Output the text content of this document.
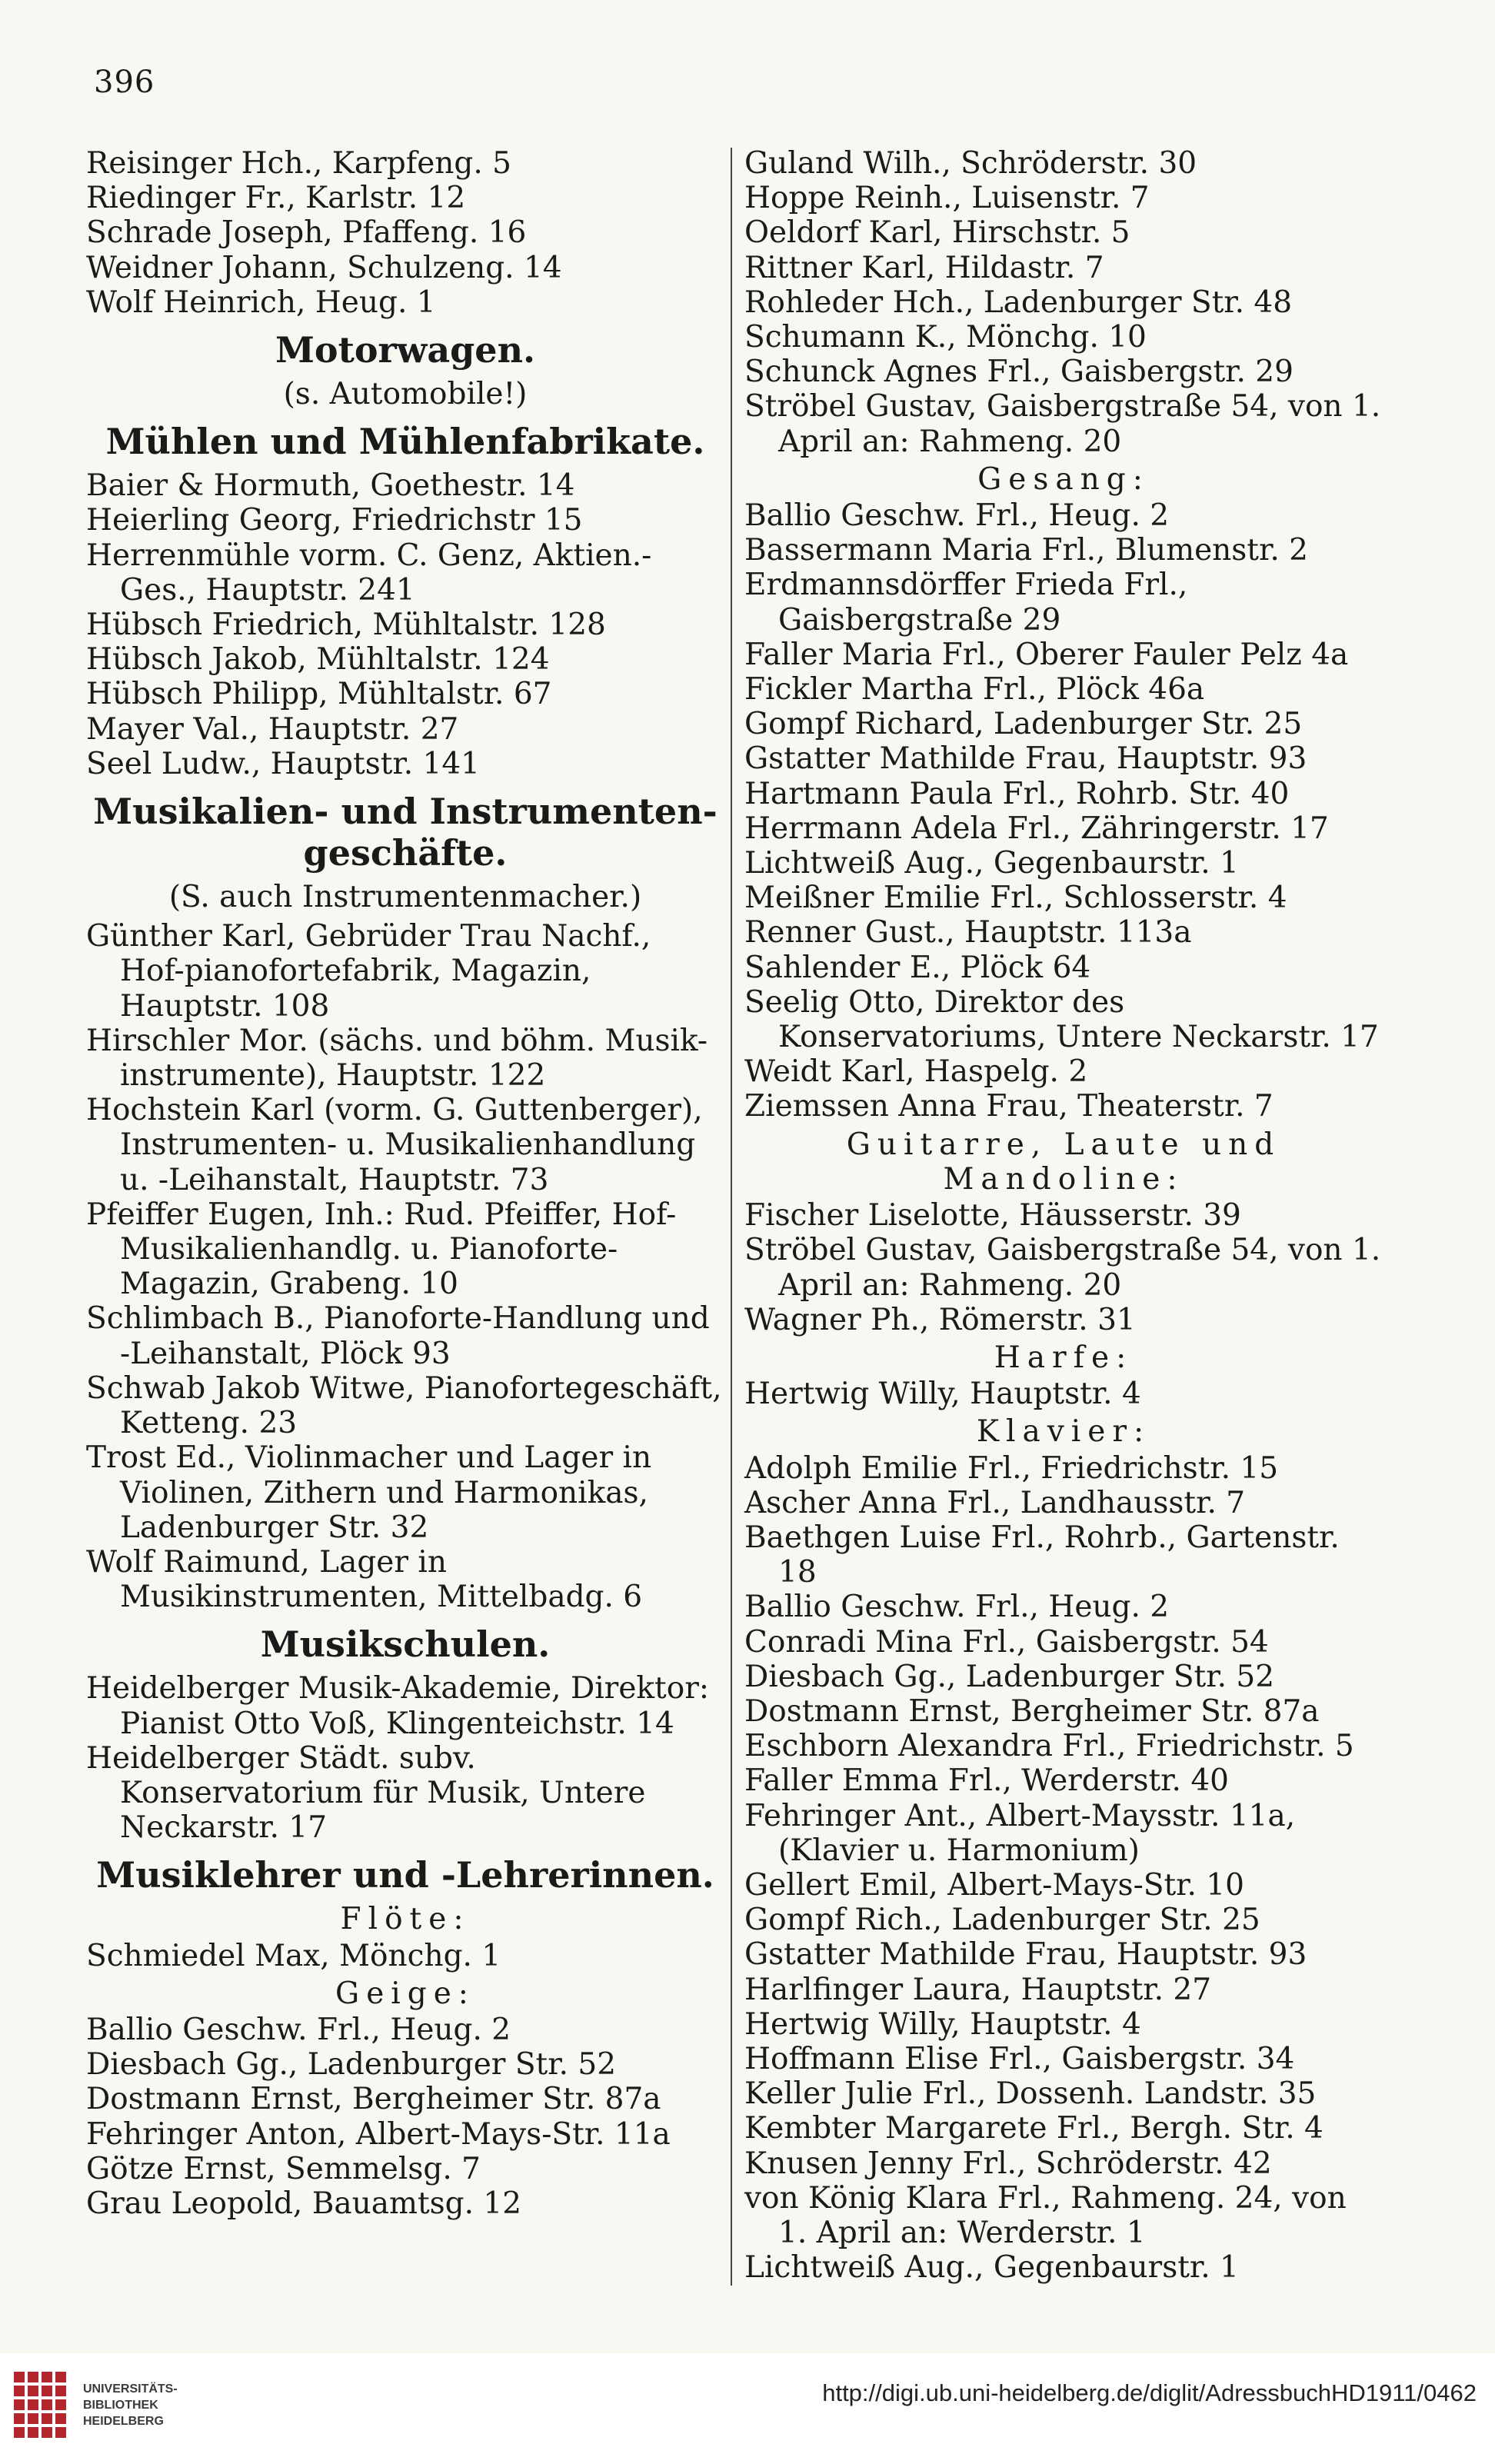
396

Reisinger Hch., Karpfeng. 5

Riedinger Fr., Karlstr. 12

Schrade Joseph, Pfaffeng. 16

Weidner Johann, Schulzeng. 14

Wolf Heinrich, Heug. 1

Motorwagen.

(s. Automobile!)

Mühlen und Mühlenfabrikate.

Baier & Hormuth, Goethestr. 14

Heierling Georg, Friedrichstr 15

Herrenmühle vorm. C. Genz, Aktien.-Ges., Hauptstr. 241

Hübsch Friedrich, Mühltalstr. 128

Hübsch Jakob, Mühltalstr. 124

Hübsch Philipp, Mühltalstr. 67

Mayer Val., Hauptstr. 27

Seel Ludw., Hauptstr. 141

Musikalien- und Instrumenten-geschäfte.

(S. auch Instrumentenmacher.)

Günther Karl, Gebrüder Trau Nachf., Hof-pianofortefabrik, Magazin, Hauptstr. 108

Hirschler Mor. (sächs. und böhm. Musik-instrumente), Hauptstr. 122

Hochstein Karl (vorm. G. Guttenberger), Instrumenten- u. Musikalienhandlung u. -Leihanstalt, Hauptstr. 73

Pfeiffer Eugen, Inh.: Rud. Pfeiffer, Hof-Musikalienhandlg. u. Pianoforte-Magazin, Grabeng. 10

Schlimbach B., Pianoforte-Handlung und -Leihanstalt, Plöck 93

Schwab Jakob Witwe, Pianofortegeschäft, Ketteng. 23

Trost Ed., Violinmacher und Lager in Violinen, Zithern und Harmonikas, Ladenburger Str. 32

Wolf Raimund, Lager in Musikinstrumenten, Mittelbadg. 6

Musikschulen.

Heidelberger Musik-Akademie, Direktor: Pianist Otto Voß, Klingenteichstr. 14

Heidelberger Städt. subv. Konservatorium für Musik, Untere Neckarstr. 17

Musiklehrer und -Lehrerinnen.

Flöte:

Schmiedel Max, Mönchg. 1

Geige:

Ballio Geschw. Frl., Heug. 2

Diesbach Gg., Ladenburger Str. 52

Dostmann Ernst, Bergheimer Str. 87a

Fehringer Anton, Albert-Mays-Str. 11a

Götze Ernst, Semmelsg. 7

Grau Leopold, Bauamtsg. 12

Guland Wilh., Schröderstr. 30

Hoppe Reinh., Luisenstr. 7

Oeldorf Karl, Hirschstr. 5

Rittner Karl, Hildastr. 7

Rohleder Hch., Ladenburger Str. 48

Schumann K., Mönchg. 10

Schunck Agnes Frl., Gaisbergstr. 29

Ströbel Gustav, Gaisbergstraße 54, von 1. April an: Rahmeng. 20

Gesang:

Ballio Geschw. Frl., Heug. 2

Bassermann Maria Frl., Blumenstr. 2

Erdmannsdörffer Frieda Frl., Gaisbergstraße 29

Faller Maria Frl., Oberer Fauler Pelz 4a

Fickler Martha Frl., Plöck 46a

Gompf Richard, Ladenburger Str. 25

Gstatter Mathilde Frau, Hauptstr. 93

Hartmann Paula Frl., Rohrb. Str. 40

Herrmann Adela Frl., Zähringerstr. 17

Lichtweiß Aug., Gegenbaurstr. 1

Meißner Emilie Frl., Schlosserstr. 4

Renner Gust., Hauptstr. 113a

Sahlender E., Plöck 64

Seelig Otto, Direktor des Konservatoriums, Untere Neckarstr. 17

Weidt Karl, Haspelg. 2

Ziemssen Anna Frau, Theaterstr. 7

Guitarre, Laute und Mandoline:

Fischer Liselotte, Häusserstr. 39

Ströbel Gustav, Gaisbergstraße 54, von 1. April an: Rahmeng. 20

Wagner Ph., Römerstr. 31

Harfe:

Hertwig Willy, Hauptstr. 4

Klavier:

Adolph Emilie Frl., Friedrichstr. 15

Ascher Anna Frl., Landhausstr. 7

Baethgen Luise Frl., Rohrb., Gartenstr. 18

Ballio Geschw. Frl., Heug. 2

Conradi Mina Frl., Gaisbergstr. 54

Diesbach Gg., Ladenburger Str. 52

Dostmann Ernst, Bergheimer Str. 87a

Eschborn Alexandra Frl., Friedrichstr. 5

Faller Emma Frl., Werderstr. 40

Fehringer Ant., Albert-Maysstr. 11a, (Klavier u. Harmonium)

Gellert Emil, Albert-Mays-Str. 10

Gompf Rich., Ladenburger Str. 25

Gstatter Mathilde Frau, Hauptstr. 93

Harlfinger Laura, Hauptstr. 27

Hertwig Willy, Hauptstr. 4

Hoffmann Elise Frl., Gaisbergstr. 34

Keller Julie Frl., Dossenh. Landstr. 35

Kembter Margarete Frl., Bergh. Str. 4

Knusen Jenny Frl., Schröderstr. 42

von König Klara Frl., Rahmeng. 24, von 1. April an: Werderstr. 1

Lichtweiß Aug., Gegenbaurstr. 1

UNIVERSITÄTS-
BIBLIOTHEK
HEIDELBERG
http://digi.ub.uni-heidelberg.de/diglit/AdressbuchHD1911/0462
